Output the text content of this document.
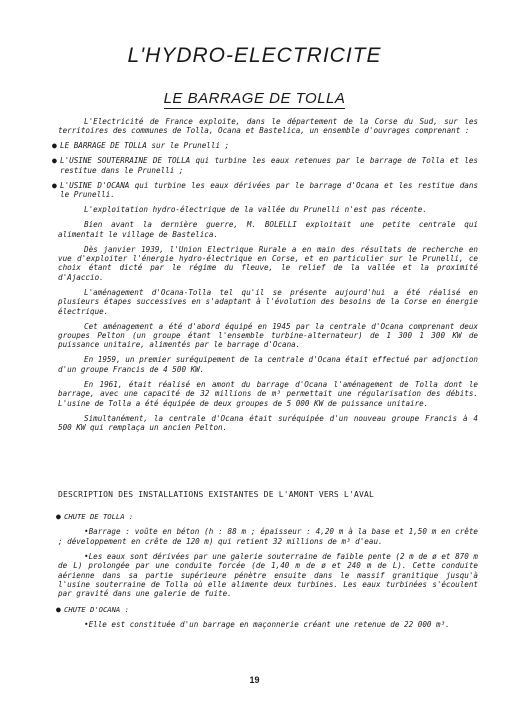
L'HYDRO-ELECTRICITE
LE BARRAGE DE TOLLA

L'Electricité de France exploite, dans le département de la Corse du Sud, sur les territoires des communes de Tolla, Ocana et Bastelica, un ensemble d'ouvrages comprenant :

● LE BARRAGE DE TOLLA sur le Prunelli ;

● L'USINE SOUTERRAINE DE TOLLA qui turbine les eaux retenues par le barrage de Tolla et les restitue dans le Prunelli ;

● L'USINE D'OCANA qui turbine les eaux dérivées par le barrage d'Ocana et les restitue dans le Prunelli.

L'exploitation hydro-électrique de la vallée du Prunelli n'est pas récente.

Bien avant la dernière guerre, M. BOLELLI exploitait une petite centrale qui alimentait le village de Bastelica.

Dès janvier 1939, l'Union Electrique Rurale a en main des résultats de recherche en vue d'exploiter l'énergie hydro-électrique en Corse, et en particulier sur le Prunelli, ce choix étant dicté par le régime du fleuve, le relief de la vallée et la proximité d'Ajaccio.

L'aménagement d'Ocana-Tolla tel qu'il se présente aujourd'hui a été réalisé en plusieurs étapes successives en s'adaptant à l'évolution des besoins de la Corse en énergie électrique.

Cet aménagement a été d'abord équipé en 1945 par la centrale d'Ocana comprenant deux groupes Pelton (un groupe étant l'ensemble turbine-alternateur) de 1 300 1 300 KW de puissance unitaire, alimentés par le barrage d'Ocana.

En 1959, un premier suréquipement de la centrale d'Ocana était effectué par adjonction d'un groupe Francis de 4 500 KW.

En 1961, était réalisé en amont du barrage d'Ocana l'aménagement de Tolla dont le barrage, avec une capacité de 32 millions de m³ permettait une régularisation des débits. L'usine de Tolla a été équipée de deux groupes de 5 000 KW de puissance unitaire.

Simultanément, la centrale d'Ocana était suréquipée d'un nouveau groupe Francis à 4 500 KW qui remplaça un ancien Pelton.

DESCRIPTION DES INSTALLATIONS EXISTANTES DE L'AMONT VERS L'AVAL

● CHUTE DE TOLLA :

•Barrage : voûte en béton (h : 88 m ; épaisseur : 4,20 m à la base et 1,50 m en crête ; développement en crête de 120 m) qui retient 32 millions de m³ d'eau.

•Les eaux sont dérivées par une galerie souterraine de faible pente (2 m de ø et 870 m de L) prolongée par une conduite forcée (de 1,40 m de ø et 240 m de L). Cette conduite aérienne dans sa partie supérieure pénètre ensuite dans le massif granitique jusqu'à l'usine souterraine de Tolla où elle alimente deux turbines. Les eaux turbinées s'écoulent par gravité dans une galerie de fuite.

● CHUTE D'OCANA :

•Elle est constituée d'un barrage en maçonnerie créant une retenue de 22 000 m³.

19
